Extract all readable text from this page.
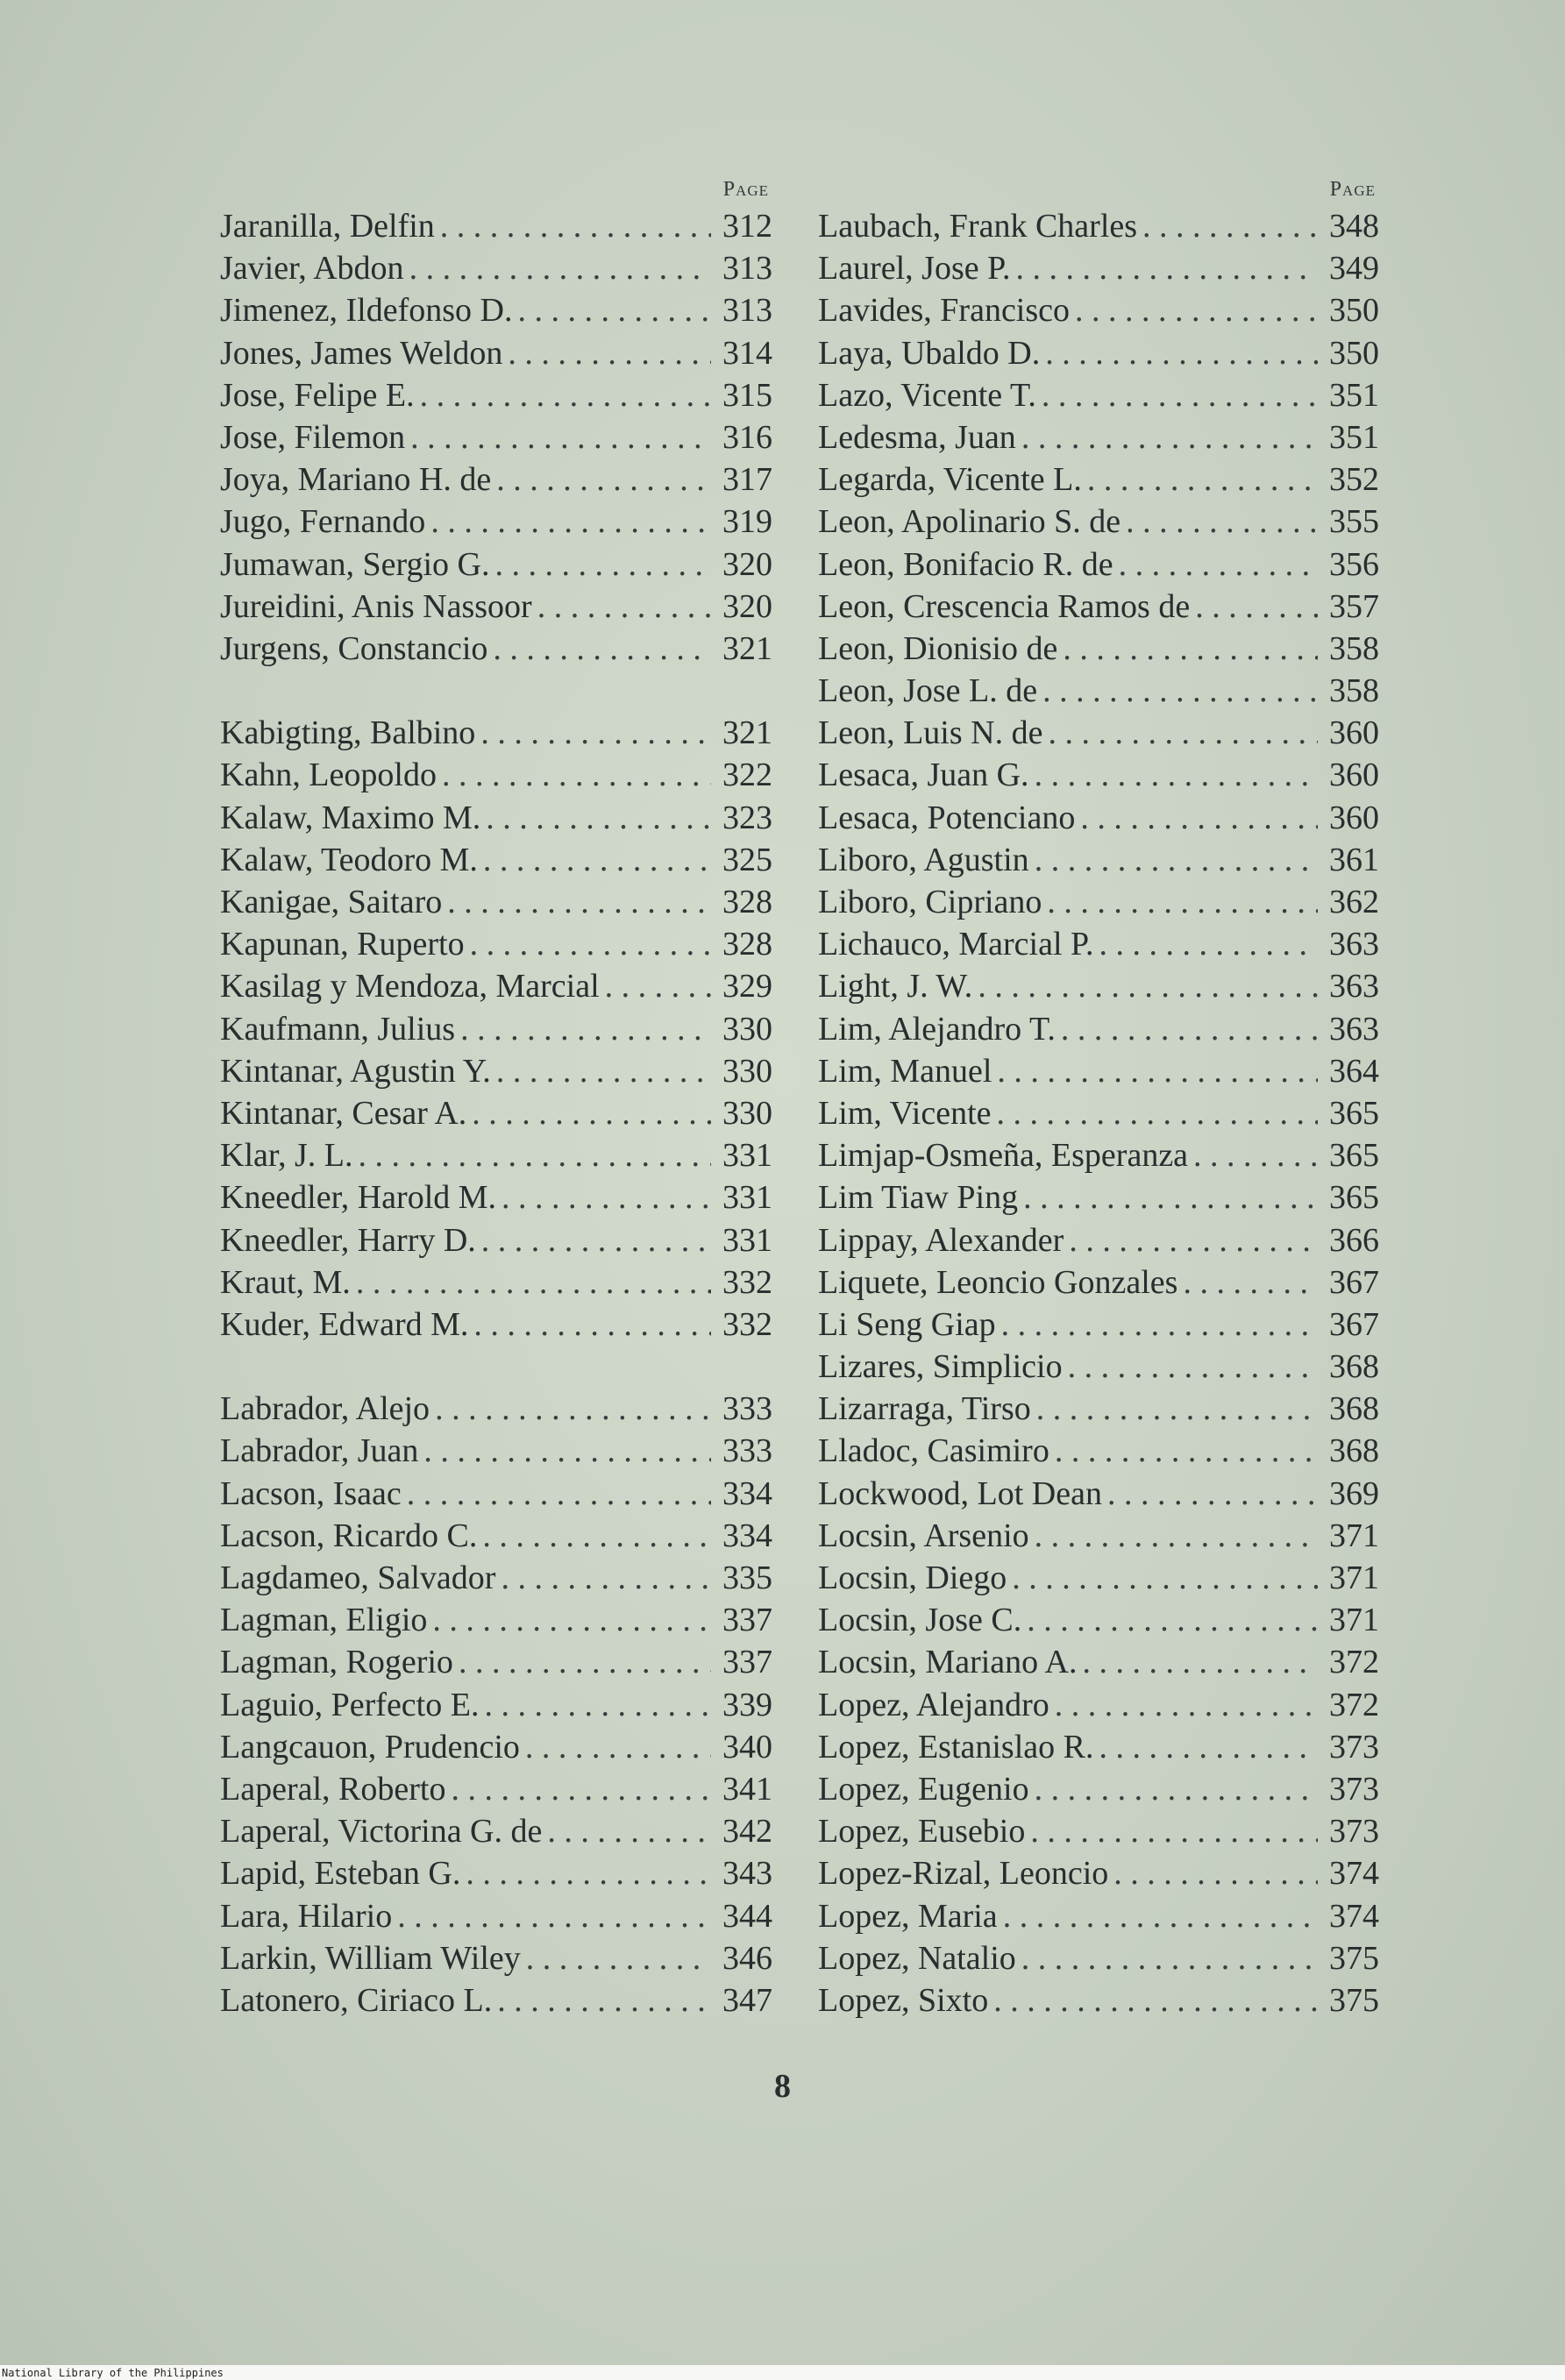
Page
Jaranilla, Delfin . . .	312
Javier, Abdon . . .	313
Jimenez, Ildefonso D. . . .	313
Jones, James Weldon . . .	314
Jose, Felipe E. . . .	315
Jose, Filemon . . .	316
Joya, Mariano H. de . . .	317
Jugo, Fernando . . .	319
Jumawan, Sergio G. . . .	320
Jureidini, Anis Nassoor . . .	320
Jurgens, Constancio . . .	321
Kabigting, Balbino . . .	321
Kahn, Leopoldo . . .	322
Kalaw, Maximo M. . . .	323
Kalaw, Teodoro M. . . .	325
Kanigae, Saitaro . . .	328
Kapunan, Ruperto . . .	328
Kasilag y Mendoza, Marcial . . .	329
Kaufmann, Julius . . .	330
Kintanar, Agustin Y. . . .	330
Kintanar, Cesar A. . . .	330
Klar, J. L. . . .	331
Kneedler, Harold M. . . .	331
Kneedler, Harry D. . . .	331
Kraut, M. . . .	332
Kuder, Edward M. . . .	332
Labrador, Alejo . . .	333
Labrador, Juan . . .	333
Lacson, Isaac . . .	334
Lacson, Ricardo C. . . .	334
Lagdameo, Salvador . . .	335
Lagman, Eligio . . .	337
Lagman, Rogerio . . .	337
Laguio, Perfecto E. . . .	339
Langcauon, Prudencio . . .	340
Laperal, Roberto . . .	341
Laperal, Victorina G. de . . .	342
Lapid, Esteban G. . . .	343
Lara, Hilario . . .	344
Larkin, William Wiley . . .	346
Latonero, Ciriaco L. . . .	347
Page
Laubach, Frank Charles . . .	348
Laurel, Jose P. . . .	349
Lavides, Francisco . . .	350
Laya, Ubaldo D. . . .	350
Lazo, Vicente T. . . .	351
Ledesma, Juan . . .	351
Legarda, Vicente L. . . .	352
Leon, Apolinario S. de . . .	355
Leon, Bonifacio R. de . . .	356
Leon, Crescencia Ramos de . . .	357
Leon, Dionisio de . . .	358
Leon, Jose L. de . . .	358
Leon, Luis N. de . . .	360
Lesaca, Juan G. . . .	360
Lesaca, Potenciano . . .	360
Liboro, Agustin . . .	361
Liboro, Cipriano . . .	362
Lichauco, Marcial P. . . .	363
Light, J. W. . . .	363
Lim, Alejandro T. . . .	363
Lim, Manuel . . .	364
Lim, Vicente . . .	365
Limjap-Osmeña, Esperanza . . .	365
Lim Tiaw Ping . . .	365
Lippay, Alexander . . .	366
Liquete, Leoncio Gonzales . . .	367
Li Seng Giap . . .	367
Lizares, Simplicio . . .	368
Lizarraga, Tirso . . .	368
Lladoc, Casimiro . . .	368
Lockwood, Lot Dean . . .	369
Locsin, Arsenio . . .	371
Locsin, Diego . . .	371
Locsin, Jose C. . . .	371
Locsin, Mariano A. . . .	372
Lopez, Alejandro . . .	372
Lopez, Estanislao R. . . .	373
Lopez, Eugenio . . .	373
Lopez, Eusebio . . .	373
Lopez-Rizal, Leoncio . . .	374
Lopez, Maria . . .	374
Lopez, Natalio . . .	375
Lopez, Sixto . . .	375
8
National Library of the Philippines
